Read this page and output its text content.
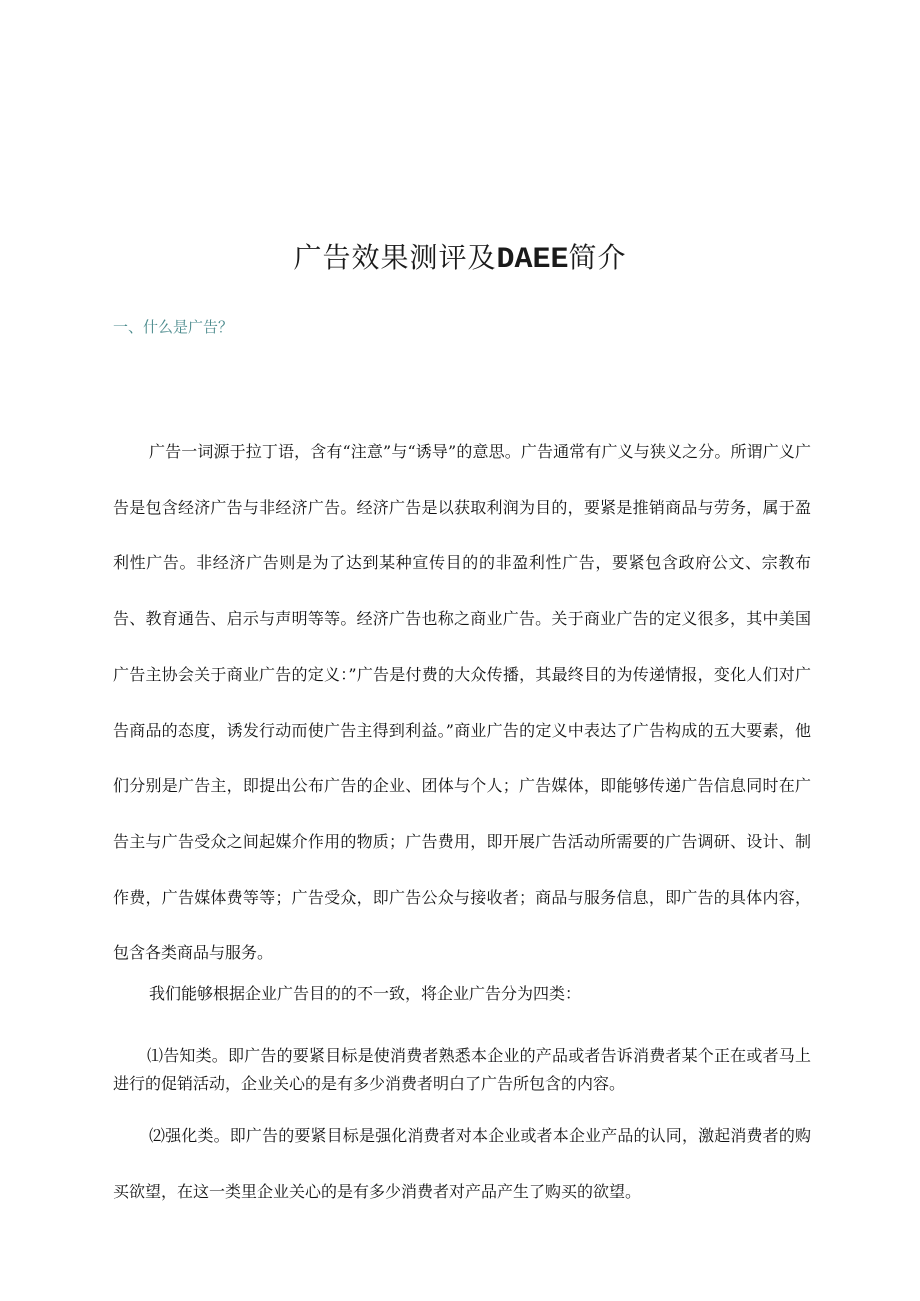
广告效果测评及DAEE简介
一、什么是广告？
广告一词源于拉丁语，含有“注意”与“诱导”的意思。广告通常有广义与狭义之分。所谓广义广告是包含经济广告与非经济广告。经济广告是以获取利润为目的，要紧是推销商品与劳务，属于盈利性广告。非经济广告则是为了达到某种宣传目的的非盈利性广告，要紧包含政府公文、宗教布告、教育通告、启示与声明等等。经济广告也称之商业广告。关于商业广告的定义很多，其中美国广告主协会关于商业广告的定义：”广告是付费的大众传播，其最终目的为传递情报，变化人们对广告商品的态度，诱发行动而使广告主得到利益。”商业广告的定义中表达了广告构成的五大要素，他们分别是广告主，即提出公布广告的企业、团体与个人；广告媒体，即能够传递广告信息同时在广告主与广告受众之间起媒介作用的物质；广告费用，即开展广告活动所需要的广告调研、设计、制作费，广告媒体费等等；广告受众，即广告公众与接收者；商品与服务信息，即广告的具体内容，包含各类商品与服务。
我们能够根据企业广告目的的不一致，将企业广告分为四类：
⑴告知类。即广告的要紧目标是使消费者熟悉本企业的产品或者告诉消费者某个正在或者马上进行的促销活动，企业关心的是有多少消费者明白了广告所包含的内容。
⑵强化类。即广告的要紧目标是强化消费者对本企业或者本企业产品的认同，激起消费者的购买欲望，在这一类里企业关心的是有多少消费者对产品产生了购买的欲望。
